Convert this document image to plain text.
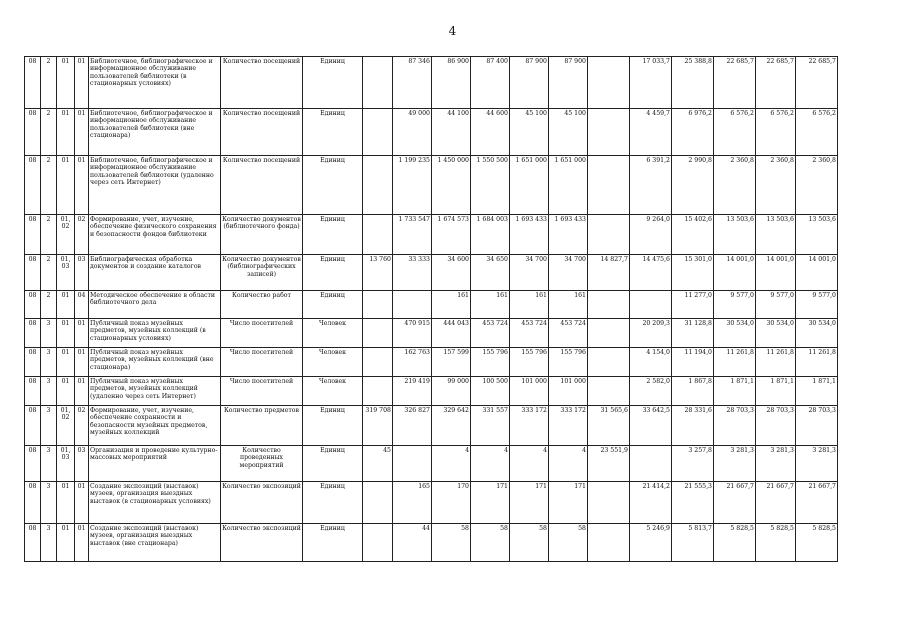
4
08	2	01	01	Библиотечное, библиографическое и информационное обслуживание пользователей библиотеки (в стационарных условиях)	Количество посещений	Единиц		87 346	86 900	87 400	87 900	87 900		17 033,7	25 388,8	22 685,7	22 685,7	22 685,7
08	2	01	01	Библиотечное, библиографическое и информационное обслуживание пользователей библиотеки (вне стационара)	Количество посещений	Единиц		49 000	44 100	44 600	45 100	45 100		4 459,7	6 976,2	6 576,2	6 576,2	6 576,2
08	2	01	01	Библиотечное, библиографическое и информационное обслуживание пользователей библиотеки (удаленно через сеть Интернет)	Количество посещений	Единиц		1 199 235	1 450 000	1 550 500	1 651 000	1 651 000		6 391,2	2 990,8	2 360,8	2 360,8	2 360,8
08	2	01, 02	02	Формирование, учет, изучение, обеспечение физического сохранения и безопасности фондов библиотеки	Количество документов (библиотечного фонда)	Единиц		1 733 547	1 674 573	1 684 003	1 693 433	1 693 433		9 264,0	15 402,6	13 503,6	13 503,6	13 503,6
08	2	01, 03	03	Библиографическая обработка документов и создание каталогов	Количество документов (библиографических записей)	Единиц	13 760	33 333	34 600	34 650	34 700	34 700	14 827,7	14 475,6	15 301,0	14 001,0	14 001,0	14 001,0
08	2	01	04	Методическое обеспечение в области библиотечного дела	Количество работ	Единиц			161	161	161	161			11 277,0	9 577,0	9 577,0	9 577,0
08	3	01	01	Публичный показ музейных предметов, музейных коллекций (в стационарных условиях)	Число посетителей	Человек		470 915	444 043	453 724	453 724	453 724		20 209,3	31 128,8	30 534,0	30 534,0	30 534,0
08	3	01	01	Публичный показ музейных предметов, музейных коллекций (вне стационара)	Число посетителей	Человек		162 763	157 599	155 796	155 796	155 796		4 154,0	11 194,0	11 261,8	11 261,8	11 261,8
08	3	01	01	Публичный показ музейных предметов, музейных коллекций (удаленно через сеть Интернет)	Число посетителей	Человек		219 419	99 000	100 500	101 000	101 000		2 582,0	1 867,8	1 871,1	1 871,1	1 871,1
08	3	01, 02	02	Формирование, учет, изучение, обеспечение сохранности и безопасности музейных предметов, музейных коллекций	Количество предметов	Единиц	319 708	326 827	329 642	331 557	333 172	333 172	31 565,6	33 642,5	28 331,6	28 703,3	28 703,3	28 703,3
08	3	01, 03	03	Организация и проведение культурно-массовых мероприятий	Количество проведенных мероприятий	Единиц	45		4	4	4	4	23 551,9		3 257,8	3 281,3	3 281,3	3 281,3
08	3	01	01	Создание экспозиций (выставок) музеев, организация выездных выставок (в стационарных условиях)	Количество экспозиций	Единиц		165	170	171	171	171		21 414,2	21 555,3	21 667,7	21 667,7	21 667,7
08	3	01	01	Создание экспозиций (выставок) музеев, организация выездных выставок (вне стационара)	Количество экспозиций	Единиц		44	58	58	58	58		5 246,9	5 813,7	5 828,5	5 828,5	5 828,5
